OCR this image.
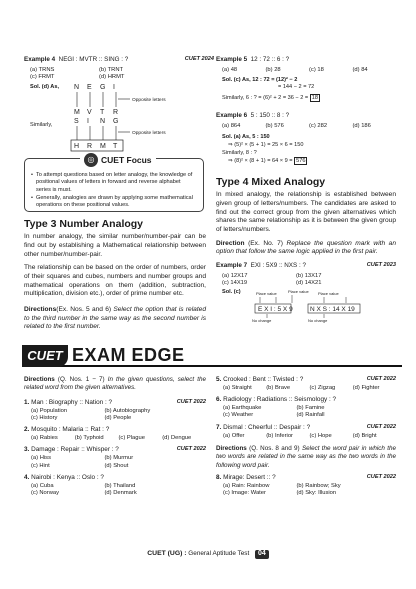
Example 4 NEGI : MVTR :: SING : ?	CUET 2024
(a) TRNS	(b) TRNT
(c) FRMT	(d) HRMT
Sol. (d) As, N E G I
M V T R
Opposite letters
Similarly,	S I N G
H R M T
Opposite letters
◎ CUET Focus
• To attempt questions based on letter analogy, the knowledge of positional values of letters in forward and reverse alphabet series is must.
• Generally, analogies are drawn by applying some mathematical operations on these positional values.
Type 3 Number Analogy
In number analogy, the similar number/number-pair can be find out by establishing a Mathematical relationship between other number/number-pair.
The relationship can be based on the order of numbers, order of their squares and cubes, numbers and number groups and mathematical operations on them (addition, subtraction, multiplication, division etc.), order of prime number etc.
Directions(Ex. Nos. 5 and 6) Select the option that is related to the third number in the same way as the second number is related to the first number.
Example 5 12 : 72 :: 6 : ?
(a) 48	(b) 28	(c) 18	(d) 84
Sol. (c) As, 12 : 72 = (12)² − 2
= 144 − 2 = 72
Similarly, 6 : ? = (6)² + 2 = 36 − 2 = 18
Example 6 5 : 150 :: 8 : ?
(a) 864	(b) 576	(c) 282	(d) 186
Sol. (a) As, 5 : 150
⇒ (5)² × (5 + 1) = 25 × 6 = 150
Similarly, 8 : ?
⇒ (8)² × (8 + 1) = 64 × 9 = 576
Type 4 Mixed Analogy
In mixed analogy, the relationship is established between given group of letters/numbers. The candidates are asked to find out the correct group from the given alternatives which shares the same relationship as it is between the given group of letters/numbers.
Direction (Ex. No. 7) Replace the question mark with an option that follow the same logic applied in the first pair.
Example 7 EXI : 5X9 :: NXS : ?	CUET 2023
(a) 12X17	(b) 13X17
(c) 14X19	(d) 14X21
Sol. (c)	Place value	Place value Place value
No change	No change
E X I : 5 X 9	N X S : 14 X 19
CUET EXAM EDGE
Directions (Q. Nos. 1 − 7) In the given questions, select the related word from the given alternatives.
1. Man : Biography :: Nation : ?	CUET 2022
(a) Population	(b) Autobiography
(c) History	(d) People
2. Mosquito : Malaria :: Rat : ?
(a) Rabies	(b) Typhoid	(c) Plague	(d) Dengue
3. Damage : Repair :: Whisper : ?	CUET 2022
(a) Hiss	(b) Murmur
(c) Hint	(d) Shout
4. Nairobi : Kenya :: Oslo : ?
(a) Cuba	(b) Thailand
(c) Norway	(d) Denmark
5. Crooked : Bent :: Twisted : ?	CUET 2022
(a) Straight	(b) Brave	(c) Zigzag	(d) Fighter
6. Radiology : Radiations :: Seismology : ?
(a) Earthquake	(b) Famine
(c) Weather	(d) Rainfall
7. Dismal : Cheerful :: Despair : ?	CUET 2022
(a) Offer	(b) Inferior	(c) Hope	(d) Bright
Directions (Q. Nos. 8 and 9) Select the word pair in which the two words are related in the same way as the two words in the following word pair.
8. Mirage: Desert :: ?	CUET 2022
(a) Rain: Rainbow	(b) Rainbow; Sky
(c) Image: Water	(d) Sky: Illusion
CUET (UG) : General Aptitude Test 04
